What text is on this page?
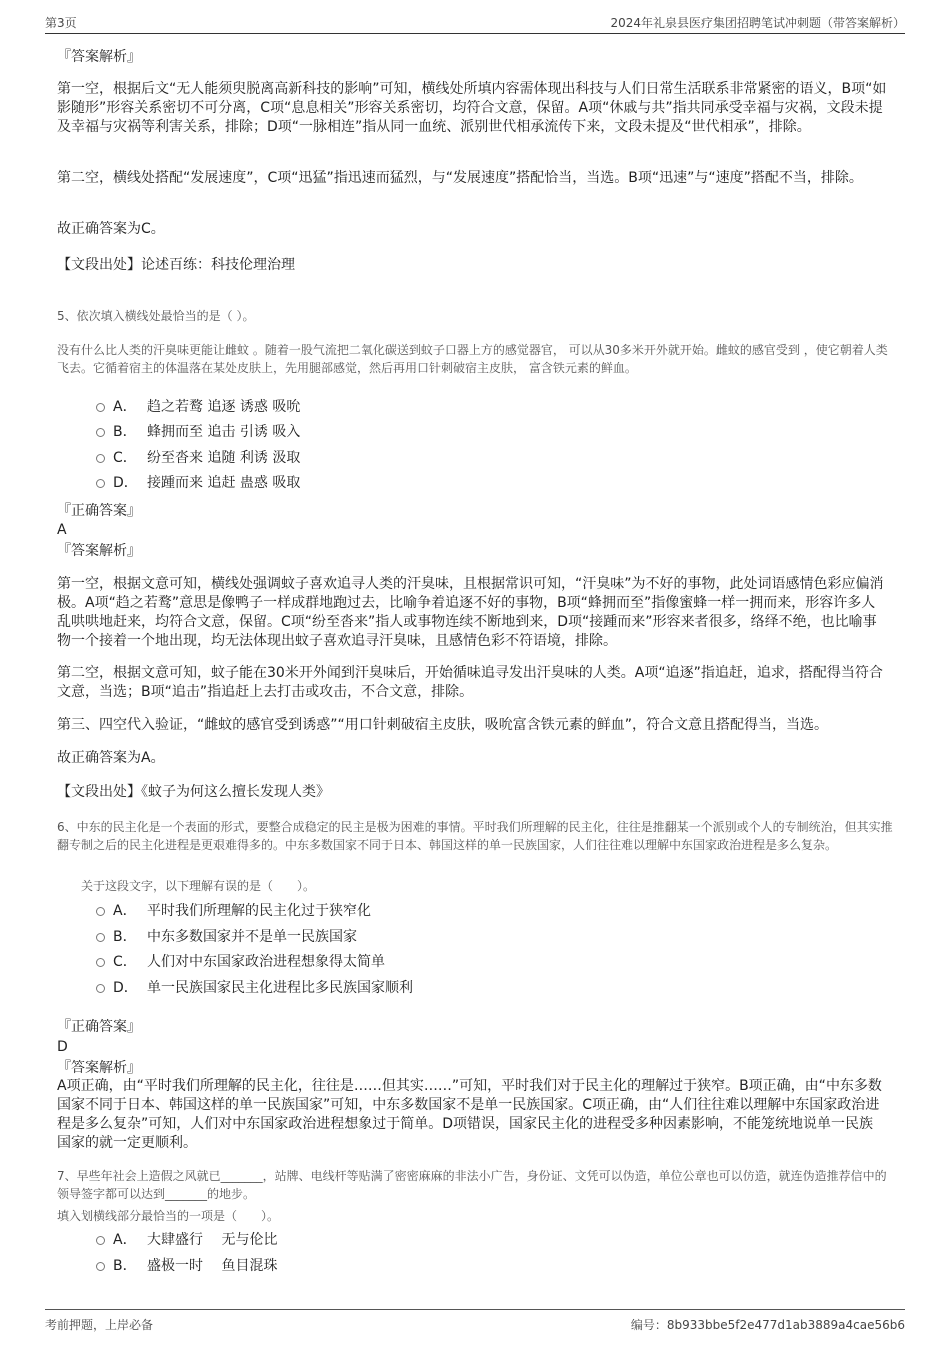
第3页	2024年礼泉县医疗集团招聘笔试冲刺题（带答案解析）

『答案解析』

第一空，根据后文“无人能须臾脱离高新科技的影响”可知，横线处所填内容需体现出科技与人们日常生活联系非常紧密的语义，B项“如影随形”形容关系密切不可分离，C项“息息相关”形容关系密切，均符合文意，保留。A项“休戚与共”指共同承受幸福与灾祸，文段未提及幸福与灾祸等利害关系，排除；D项“一脉相连”指从同一血统、派别世代相承流传下来，文段未提及“世代相承”，排除。

第二空，横线处搭配“发展速度”，C项“迅猛”指迅速而猛烈，与“发展速度”搭配恰当，当选。B项“迅速”与“速度”搭配不当，排除。

故正确答案为C。

【文段出处】论述百练：科技伦理治理

5、依次填入横线处最恰当的是（ ）。

没有什么比人类的汗臭味更能让雌蚊 。随着一股气流把二氧化碳送到蚊子口器上方的感觉器官， 可以从30多米开外就开始。雌蚊的感官受到 ，使它朝着人类飞去。它循着宿主的体温落在某处皮肤上，先用腿部感觉，然后再用口针刺破宿主皮肤， 富含铁元素的鲜血。

A． 趋之若鹜 追逐 诱惑 吸吮
B． 蜂拥而至 追击 引诱 吸入
C． 纷至沓来 追随 利诱 汲取
D． 接踵而来 追赶 蛊惑 吸取

『正确答案』

A

『答案解析』

第一空，根据文意可知，横线处强调蚊子喜欢追寻人类的汗臭味，且根据常识可知，“汗臭味”为不好的事物，此处词语感情色彩应偏消极。A项“趋之若鹜”意思是像鸭子一样成群地跑过去，比喻争着追逐不好的事物，B项“蜂拥而至”指像蜜蜂一样一拥而来，形容许多人乱哄哄地赶来，均符合文意，保留。C项“纷至沓来”指人或事物连续不断地到来，D项“接踵而来”形容来者很多，络绎不绝，也比喻事物一个接着一个地出现，均无法体现出蚊子喜欢追寻汗臭味，且感情色彩不符语境，排除。

第二空，根据文意可知，蚊子能在30米开外闻到汗臭味后，开始循味追寻发出汗臭味的人类。A项“追逐”指追赶，追求，搭配得当符合文意，当选；B项“追击”指追赶上去打击或攻击，不合文意，排除。

第三、四空代入验证，“雌蚊的感官受到诱惑”“用口针刺破宿主皮肤，吸吮富含铁元素的鲜血”，符合文意且搭配得当，当选。

故正确答案为A。

【文段出处】《蚊子为何这么擅长发现人类》

6、中东的民主化是一个表面的形式，要整合成稳定的民主是极为困难的事情。平时我们所理解的民主化，往往是推翻某一个派别或个人的专制统治，但其实推翻专制之后的民主化进程是更艰难得多的。中东多数国家不同于日本、韩国这样的单一民族国家，人们往往难以理解中东国家政治进程是多么复杂。

关于这段文字，以下理解有误的是（　　）。

A． 平时我们所理解的民主化过于狭窄化
B． 中东多数国家并不是单一民族国家
C． 人们对中东国家政治进程想象得太简单
D． 单一民族国家民主化进程比多民族国家顺利

『正确答案』

D

『答案解析』

A项正确，由“平时我们所理解的民主化，往往是……但其实……”可知，平时我们对于民主化的理解过于狭窄。B项正确，由“中东多数国家不同于日本、韩国这样的单一民族国家”可知，中东多数国家不是单一民族国家。C项正确，由“人们往往难以理解中东国家政治进程是多么复杂”可知，人们对中东国家政治进程想象过于简单。D项错误，国家民主化的进程受多种因素影响，不能笼统地说单一民族国家的就一定更顺利。

7、早些年社会上造假之风就已_______，站牌、电线杆等贴满了密密麻麻的非法小广告，身份证、文凭可以伪造，单位公章也可以仿造，就连伪造推荐信中的领导签字都可以达到_______的地步。

填入划横线部分最恰当的一项是（　　）。

A． 大肆盛行　 无与伦比
B． 盛极一时　 鱼目混珠
考前押题，上岸必备	编号：8b933bbe5f2e477d1ab3889a4cae56b6
